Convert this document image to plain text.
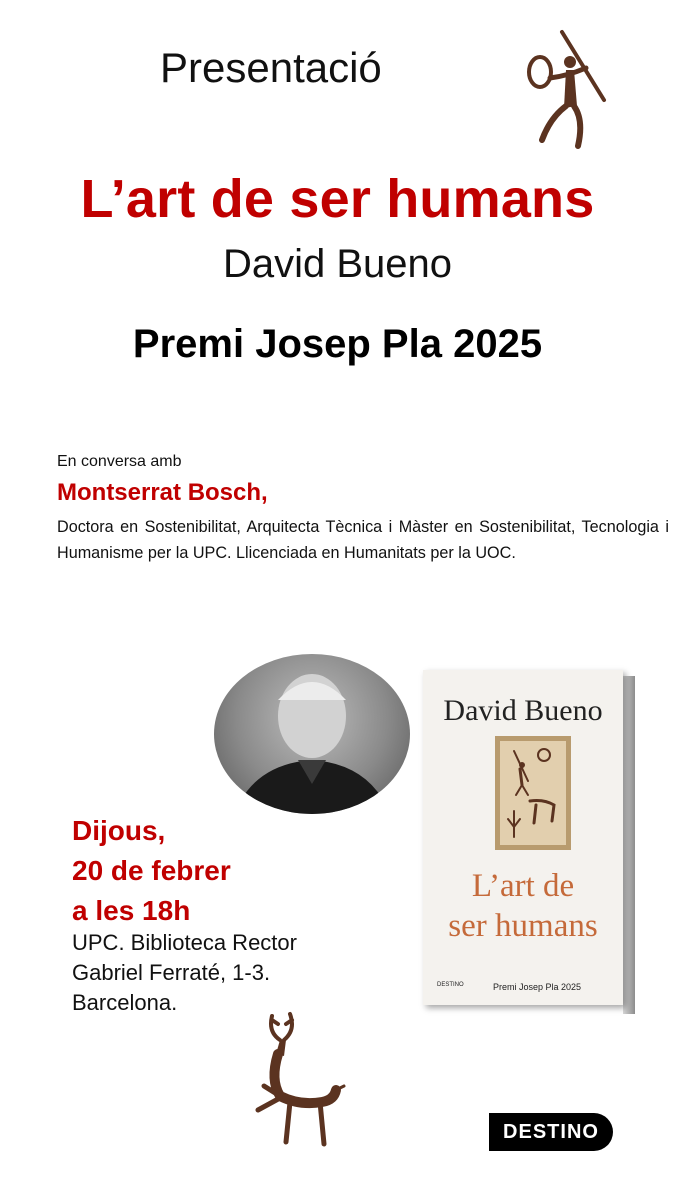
Presentació
L’art de ser humans
David Bueno
Premi Josep Pla 2025
En conversa amb
Montserrat Bosch,
Doctora en Sostenibilitat, Arquitecta Tècnica i Màster en Sostenibilitat, Tecnologia i Humanisme per la UPC. Llicenciada en Humanitats per la UOC.
Dijous,
20 de febrer
a les 18h
UPC. Biblioteca Rector
Gabriel Ferraté, 1-3.
Barcelona.
David Bueno
L’art de
ser humans
DESTINO	Premi Josep Pla 2025
DESTINO
